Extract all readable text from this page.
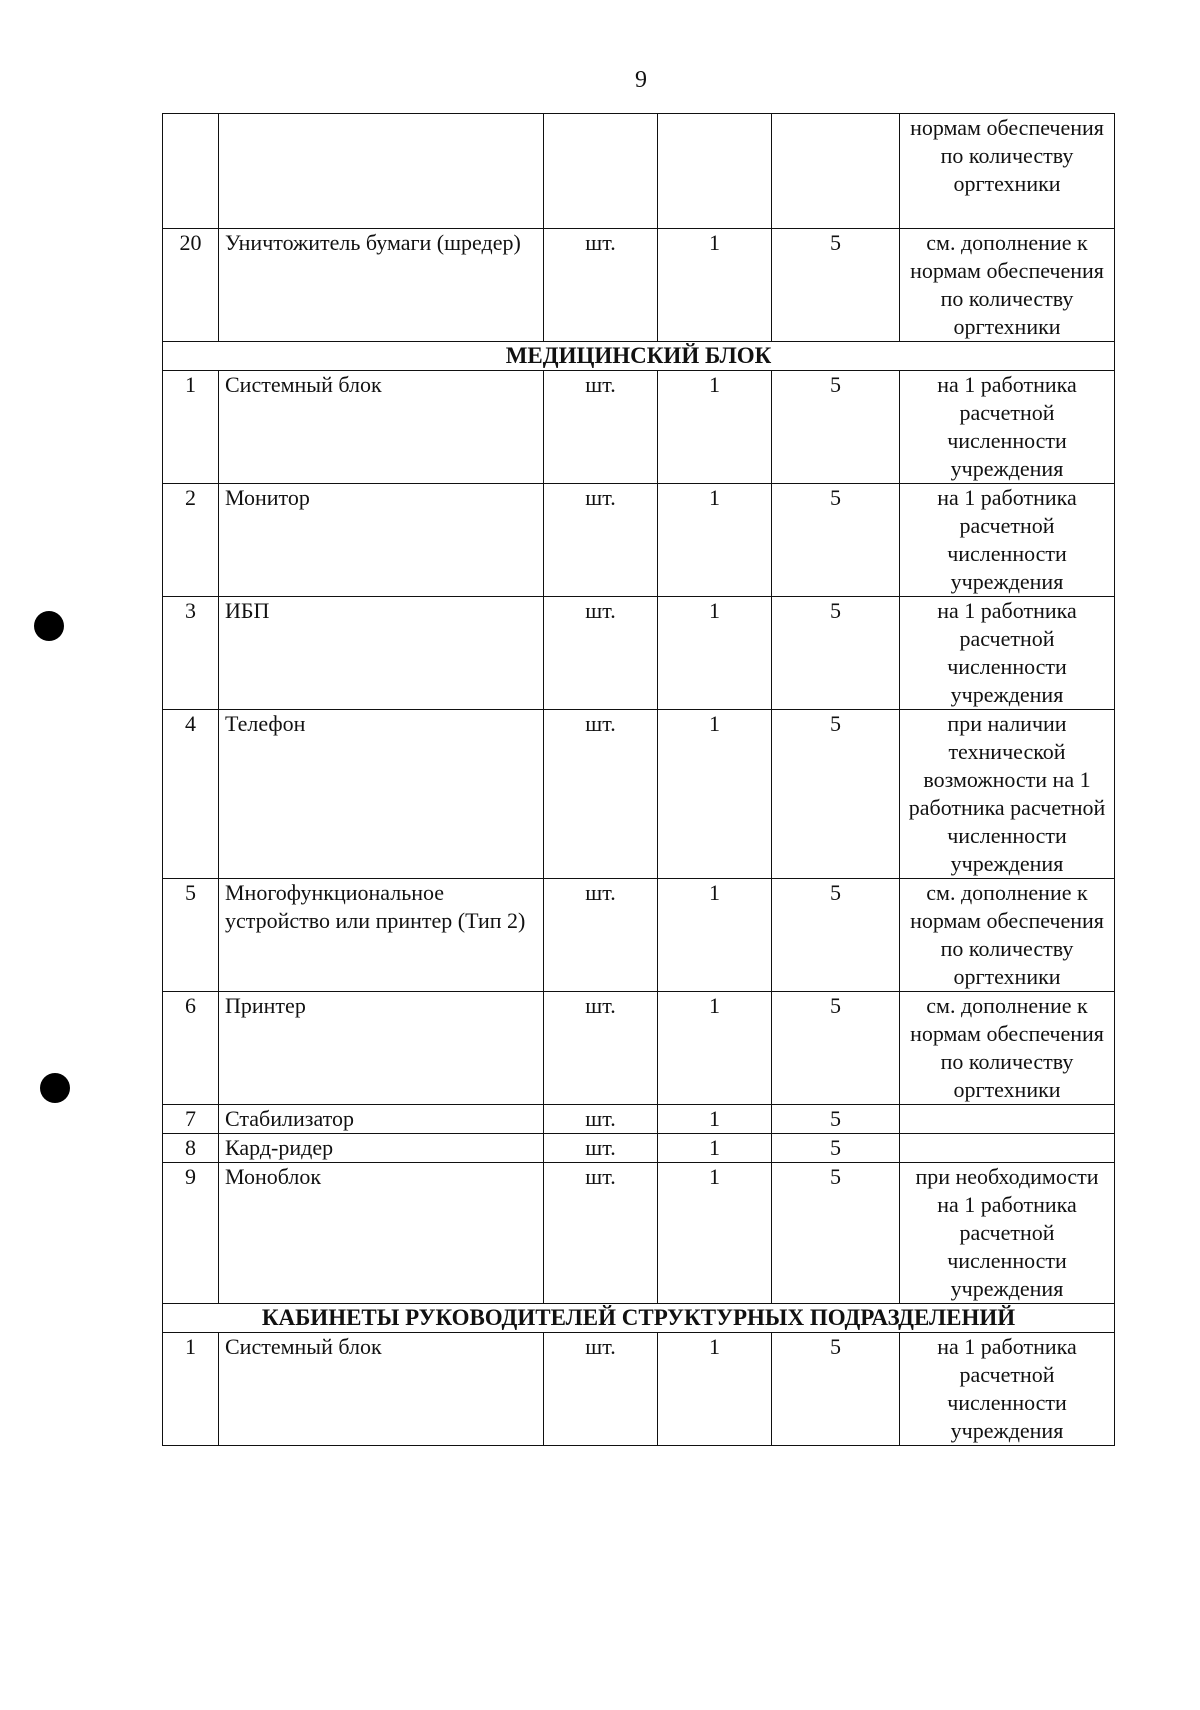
9
					нормам обеспечения по количеству оргтехники
20	Уничтожитель бумаги (шредер)	шт.	1	5	см. дополнение к нормам обеспечения по количеству оргтехники
МЕДИЦИНСКИЙ БЛОК					
1	Системный блок	шт.	1	5	на 1 работника расчетной численности учреждения
2	Монитор	шт.	1	5	на 1 работника расчетной численности учреждения
3	ИБП	шт.	1	5	на 1 работника расчетной численности учреждения
4	Телефон	шт.	1	5	при наличии технической возможности на 1 работника расчетной численности учреждения
5	Многофункциональное устройство или принтер (Тип 2)	шт.	1	5	см. дополнение к нормам обеспечения по количеству оргтехники
6	Принтер	шт.	1	5	см. дополнение к нормам обеспечения по количеству оргтехники
7	Стабилизатор	шт.	1	5	
8	Кард-ридер	шт.	1	5	
9	Моноблок	шт.	1	5	при необходимости на 1 работника расчетной численности учреждения
КАБИНЕТЫ РУКОВОДИТЕЛЕЙ СТРУКТУРНЫХ ПОДРАЗДЕЛЕНИЙ					
1	Системный блок	шт.	1	5	на 1 работника расчетной численности учреждения
